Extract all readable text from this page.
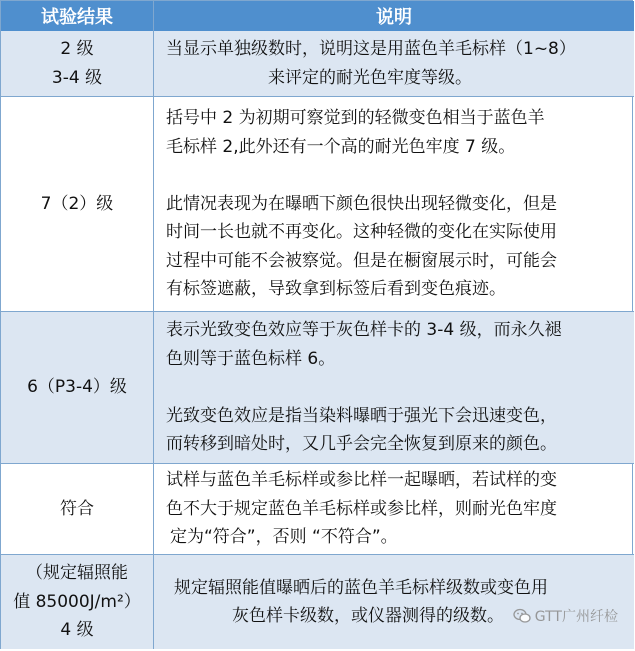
试验结果	说明
2 级
3-4 级
当显示单独级数时，说明这是用蓝色羊毛标样（1~8）
来评定的耐光色牢度等级。
7（2）级
括号中 2 为初期可察觉到的轻微变色相当于蓝色羊
毛标样 2,此外还有一个高的耐光色牢度 7 级。
此情况表现为在曝晒下颜色很快出现轻微变化，但是
时间一长也就不再变化。这种轻微的变化在实际使用
过程中可能不会被察觉。但是在橱窗展示时，可能会
有标签遮蔽，导致拿到标签后看到变色痕迹。
6（P3-4）级
表示光致变色效应等于灰色样卡的 3-4 级，而永久褪
色则等于蓝色标样 6。
光致变色效应是指当染料曝晒于强光下会迅速变色，
而转移到暗处时，又几乎会完全恢复到原来的颜色。
符合
试样与蓝色羊毛标样或参比样一起曝晒，若试样的变
色不大于规定蓝色羊毛标样或参比样，则耐光色牢度
定为“符合”，否则 “不符合”。
（规定辐照能
值 85000J/m²）
4 级
规定辐照能值曝晒后的蓝色羊毛标样级数或变色用
灰色样卡级数，或仪器测得的级数。	GTT广州纤检
